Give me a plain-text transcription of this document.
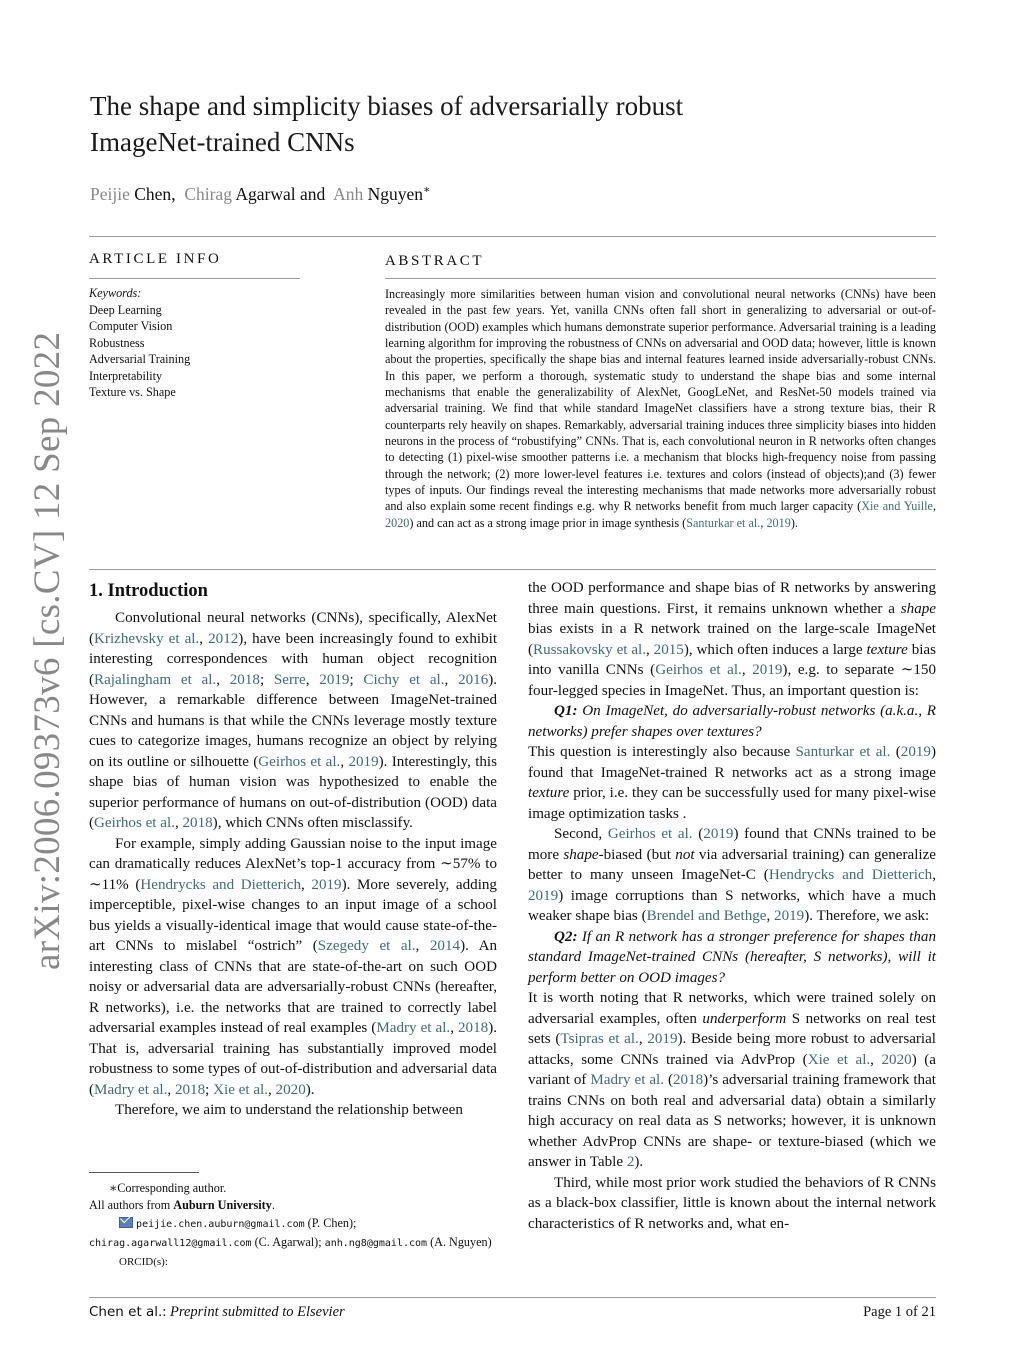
arXiv:2006.09373v6 [cs.CV] 12 Sep 2022
The shape and simplicity biases of adversarially robust
ImageNet-trained CNNs
Peijie Chen,  Chirag Agarwal and Anh Nguyen∗
ARTICLE INFO
Keywords:
Deep Learning
Computer Vision
Robustness
Adversarial Training
Interpretability
Texture vs. Shape
ABSTRACT

Increasingly more similarities between human vision and convolutional neural networks (CNNs) have been revealed in the past few years. Yet, vanilla CNNs often fall short in generalizing to adversarial or out-of-distribution (OOD) examples which humans demonstrate superior performance. Adversarial training is a leading learning algorithm for improving the robustness of CNNs on adversarial and OOD data; however, little is known about the properties, specifically the shape bias and internal features learned inside adversarially-robust CNNs. In this paper, we perform a thorough, systematic study to understand the shape bias and some internal mechanisms that enable the generalizability of AlexNet, GoogLeNet, and ResNet-50 models trained via adversarial training. We find that while standard ImageNet classifiers have a strong texture bias, their R counterparts rely heavily on shapes. Remarkably, adversarial training induces three simplicity biases into hidden neurons in the process of “robustifying” CNNs. That is, each convolutional neuron in R networks often changes to detecting (1) pixel-wise smoother patterns i.e. a mechanism that blocks high-frequency noise from passing through the network; (2) more lower-level features i.e. textures and colors (instead of objects);and (3) fewer types of inputs. Our findings reveal the interesting mechanisms that made networks more adversarially robust and also explain some recent findings e.g. why R networks benefit from much larger capacity (Xie and Yuille, 2020) and can act as a strong image prior in image synthesis (Santurkar et al., 2019).

1. Introduction

Convolutional neural networks (CNNs), specifically, AlexNet (Krizhevsky et al., 2012), have been increasingly found to exhibit interesting correspondences with human object recognition (Rajalingham et al., 2018; Serre, 2019; Cichy et al., 2016). However, a remarkable difference between ImageNet-trained CNNs and humans is that while the CNNs leverage mostly texture cues to categorize images, humans recognize an object by relying on its outline or silhouette (Geirhos et al., 2019). Interestingly, this shape bias of human vision was hypothesized to enable the superior performance of humans on out-of-distribution (OOD) data (Geirhos et al., 2018), which CNNs often misclassify.

For example, simply adding Gaussian noise to the input image can dramatically reduces AlexNet’s top-1 accuracy from ∼57% to ∼11% (Hendrycks and Dietterich, 2019). More severely, adding imperceptible, pixel-wise changes to an input image of a school bus yields a visually-identical image that would cause state-of-the-art CNNs to mislabel “ostrich” (Szegedy et al., 2014). An interesting class of CNNs that are state-of-the-art on such OOD noisy or adversarial data are adversarially-robust CNNs (hereafter, R networks), i.e. the networks that are trained to correctly label adversarial examples instead of real examples (Madry et al., 2018). That is, adversarial training has substantially improved model robustness to some types of out-of-distribution and adversarial data (Madry et al., 2018; Xie et al., 2020).

Therefore, we aim to understand the relationship between

the OOD performance and shape bias of R networks by answering three main questions. First, it remains unknown whether a shape bias exists in a R network trained on the large-scale ImageNet (Russakovsky et al., 2015), which often induces a large texture bias into vanilla CNNs (Geirhos et al., 2019), e.g. to separate ∼150 four-legged species in ImageNet. Thus, an important question is:

Q1: On ImageNet, do adversarially-robust networks (a.k.a., R networks) prefer shapes over textures?

This question is interestingly also because Santurkar et al. (2019) found that ImageNet-trained R networks act as a strong image texture prior, i.e. they can be successfully used for many pixel-wise image optimization tasks .

Second, Geirhos et al. (2019) found that CNNs trained to be more shape-biased (but not via adversarial training) can generalize better to many unseen ImageNet-C (Hendrycks and Dietterich, 2019) image corruptions than S networks, which have a much weaker shape bias (Brendel and Bethge, 2019). Therefore, we ask:

Q2: If an R network has a stronger preference for shapes than standard ImageNet-trained CNNs (hereafter, S networks), will it perform better on OOD images?

It is worth noting that R networks, which were trained solely on adversarial examples, often underperform S networks on real test sets (Tsipras et al., 2019). Beside being more robust to adversarial attacks, some CNNs trained via AdvProp (Xie et al., 2020) (a variant of Madry et al. (2018)’s adversarial training framework that trains CNNs on both real and adversarial data) obtain a similarly high accuracy on real data as S networks; however, it is unknown whether AdvProp CNNs are shape- or texture-biased (which we answer in Table 2).

Third, while most prior work studied the behaviors of R CNNs as a black-box classifier, little is known about the internal network characteristics of R networks and, what en-

∗Corresponding author.
All authors from Auburn University.
peijie.chen.auburn@gmail.com (P. Chen);
chirag.agarwall12@gmail.com (C. Agarwal); anh.ng8@gmail.com (A. Nguyen)
ORCID(s):
Chen et al.: Preprint submitted to Elsevier	Page 1 of 21
